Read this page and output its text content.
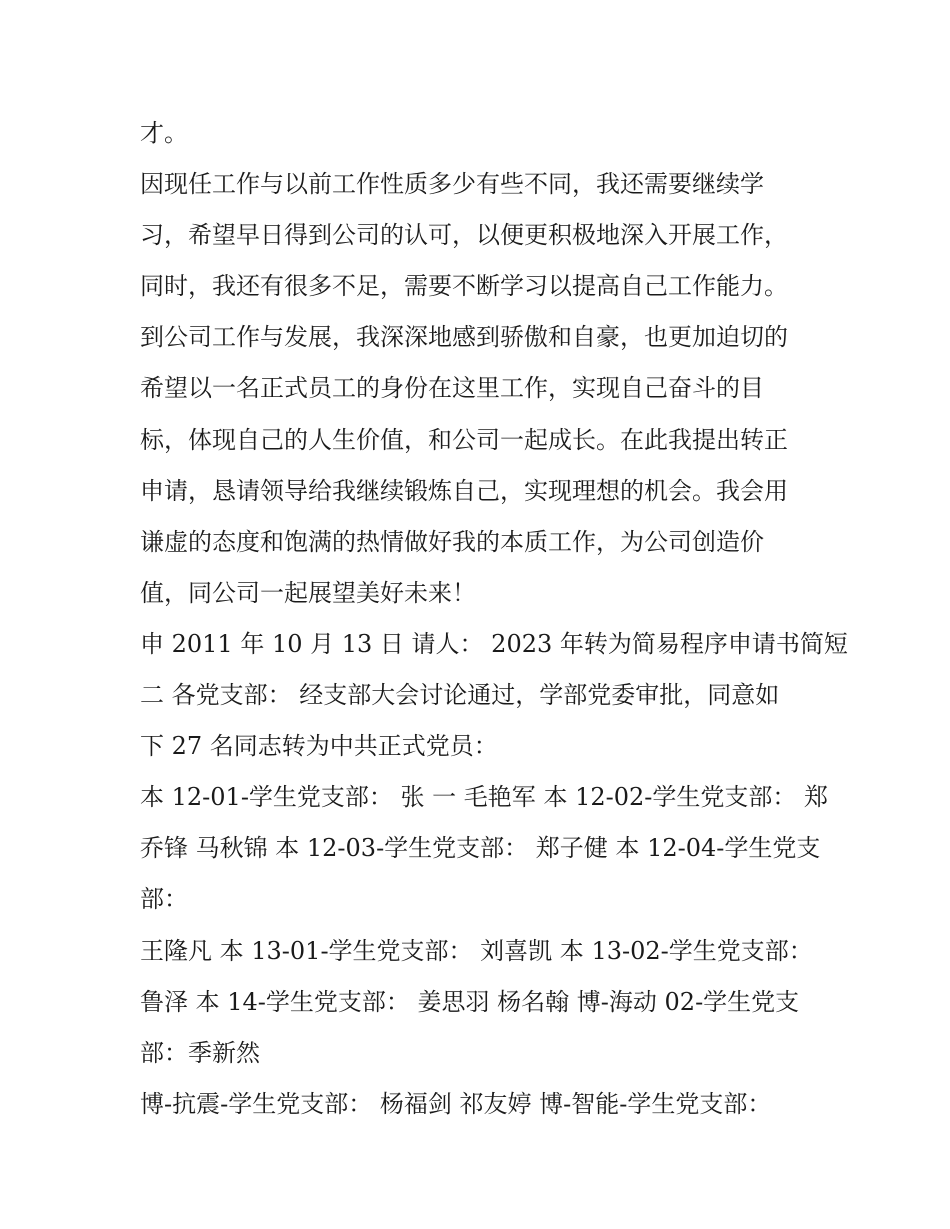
才。
因现任工作与以前工作性质多少有些不同，我还需要继续学
习，希望早日得到公司的认可，以便更积极地深入开展工作，
同时，我还有很多不足，需要不断学习以提高自己工作能力。
到公司工作与发展，我深深地感到骄傲和自豪，也更加迫切的
希望以一名正式员工的身份在这里工作，实现自己奋斗的目
标，体现自己的人生价值，和公司一起成长。在此我提出转正
申请，恳请领导给我继续锻炼自己，实现理想的机会。我会用
谦虚的态度和饱满的热情做好我的本质工作，为公司创造价
值，同公司一起展望美好未来！
申 2011 年 10 月 13 日 请人： 2023 年转为简易程序申请书简短
二 各党支部： 经支部大会讨论通过，学部党委审批，同意如
下 27 名同志转为中共正式党员：
本 12-01-学生党支部： 张 一 毛艳军 本 12-02-学生党支部： 郑
乔锋 马秋锦 本 12-03-学生党支部： 郑子健 本 12-04-学生党支
部：
王隆凡 本 13-01-学生党支部： 刘喜凯 本 13-02-学生党支部：
鲁泽 本 14-学生党支部： 姜思羽 杨名翰 博-海动 02-学生党支
部：季新然
博-抗震-学生党支部： 杨福剑 祁友婷 博-智能-学生党支部：
